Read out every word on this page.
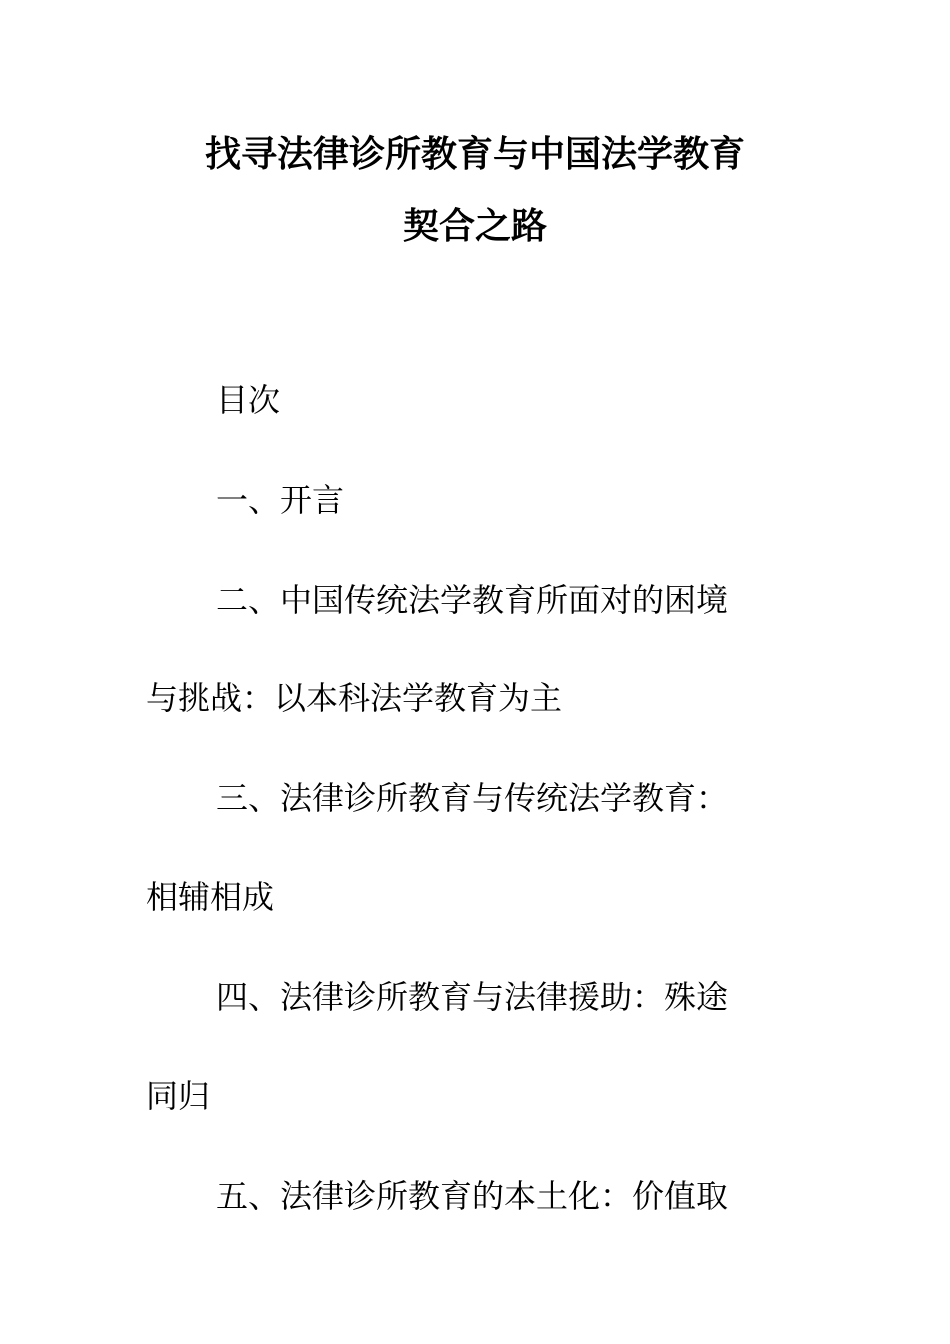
找寻法律诊所教育与中国法学教育
契合之路
目次
一、开言
二、中国传统法学教育所面对的困境
与挑战：以本科法学教育为主
三、法律诊所教育与传统法学教育：
相辅相成
四、法律诊所教育与法律援助：殊途
同归
五、法律诊所教育的本土化：价值取
